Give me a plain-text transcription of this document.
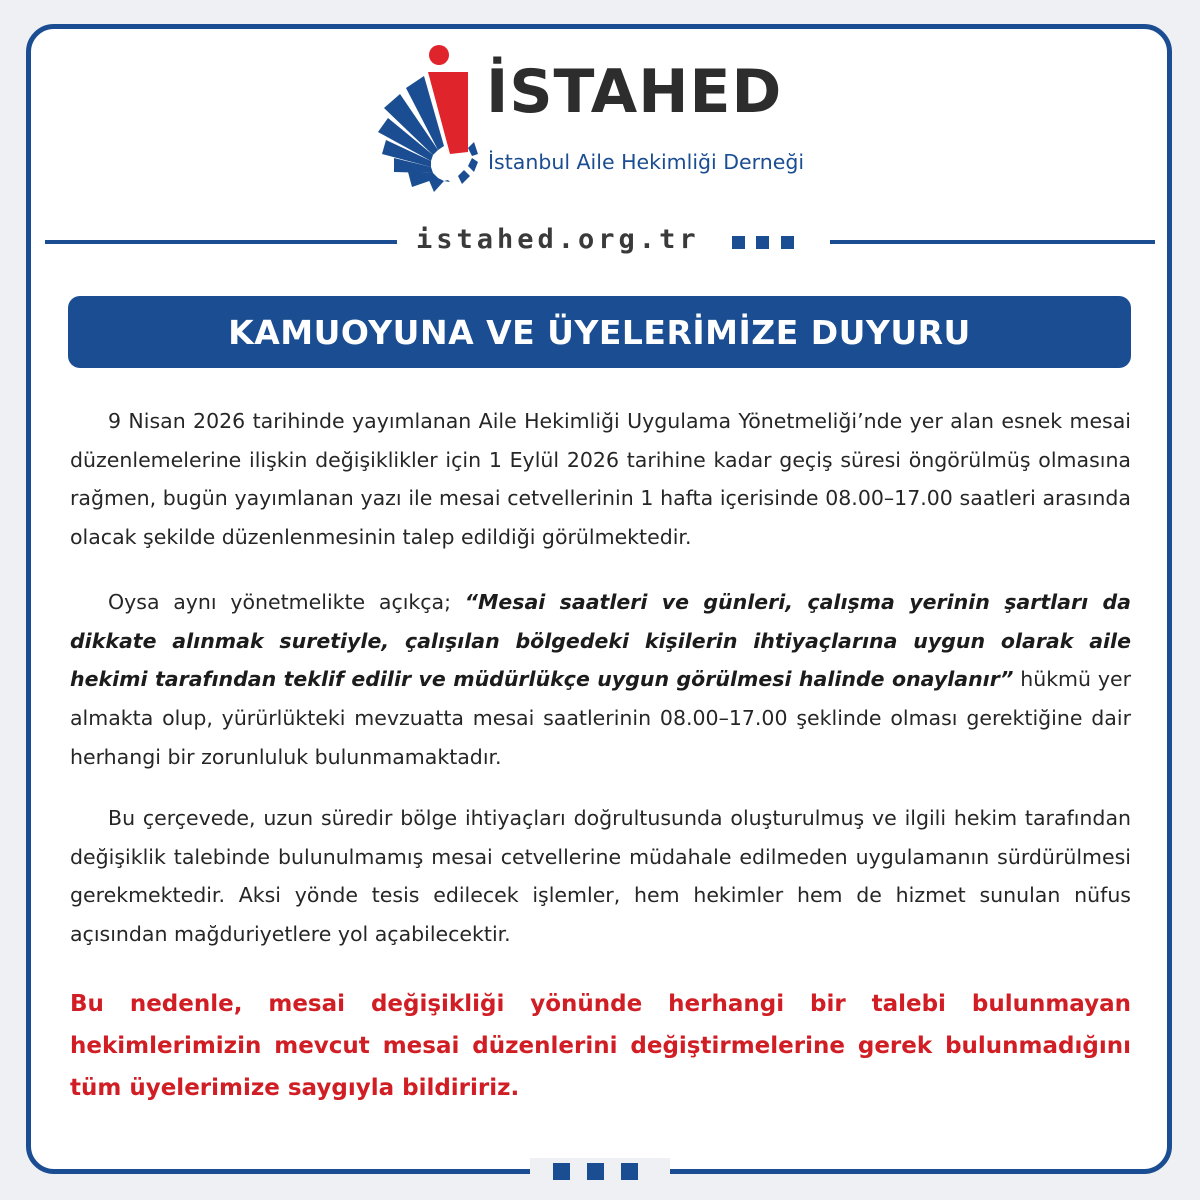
İSTAHED
İstanbul Aile Hekimliği Derneği
istahed.org.tr
KAMUOYUNA VE ÜYELERİMİZE DUYURU

9 Nisan 2026 tarihinde yayımlanan Aile Hekimliği Uygulama Yönetmeliği’nde yer alan esnek mesai düzenlemelerine ilişkin değişiklikler için 1 Eylül 2026 tarihine kadar geçiş süresi öngörülmüş olmasına rağmen, bugün yayımlanan yazı ile mesai cetvellerinin 1 hafta içerisinde 08.00–17.00 saatleri arasında olacak şekilde düzenlenmesinin talep edildiği görülmektedir.

Oysa aynı yönetmelikte açıkça; “Mesai saatleri ve günleri, çalışma yerinin şartları da dikkate alınmak suretiyle, çalışılan bölgedeki kişilerin ihtiyaçlarına uygun olarak aile hekimi tarafından teklif edilir ve müdürlükçe uygun görülmesi halinde onaylanır” hükmü yer almakta olup, yürürlükteki mevzuatta mesai saatlerinin 08.00–17.00 şeklinde olması gerektiğine dair herhangi bir zorunluluk bulunmamaktadır.

Bu çerçevede, uzun süredir bölge ihtiyaçları doğrultusunda oluşturulmuş ve ilgili hekim tarafından değişiklik talebinde bulunulmamış mesai cetvellerine müdahale edilmeden uygulamanın sürdürülmesi gerekmektedir. Aksi yönde tesis edilecek işlemler, hem hekimler hem de hizmet sunulan nüfus açısından mağduriyetlere yol açabilecektir.

Bu nedenle, mesai değişikliği yönünde herhangi bir talebi bulunmayan hekimlerimizin mevcut mesai düzenlerini değiştirmelerine gerek bulunmadığını tüm üyelerimize saygıyla bildiririz.
